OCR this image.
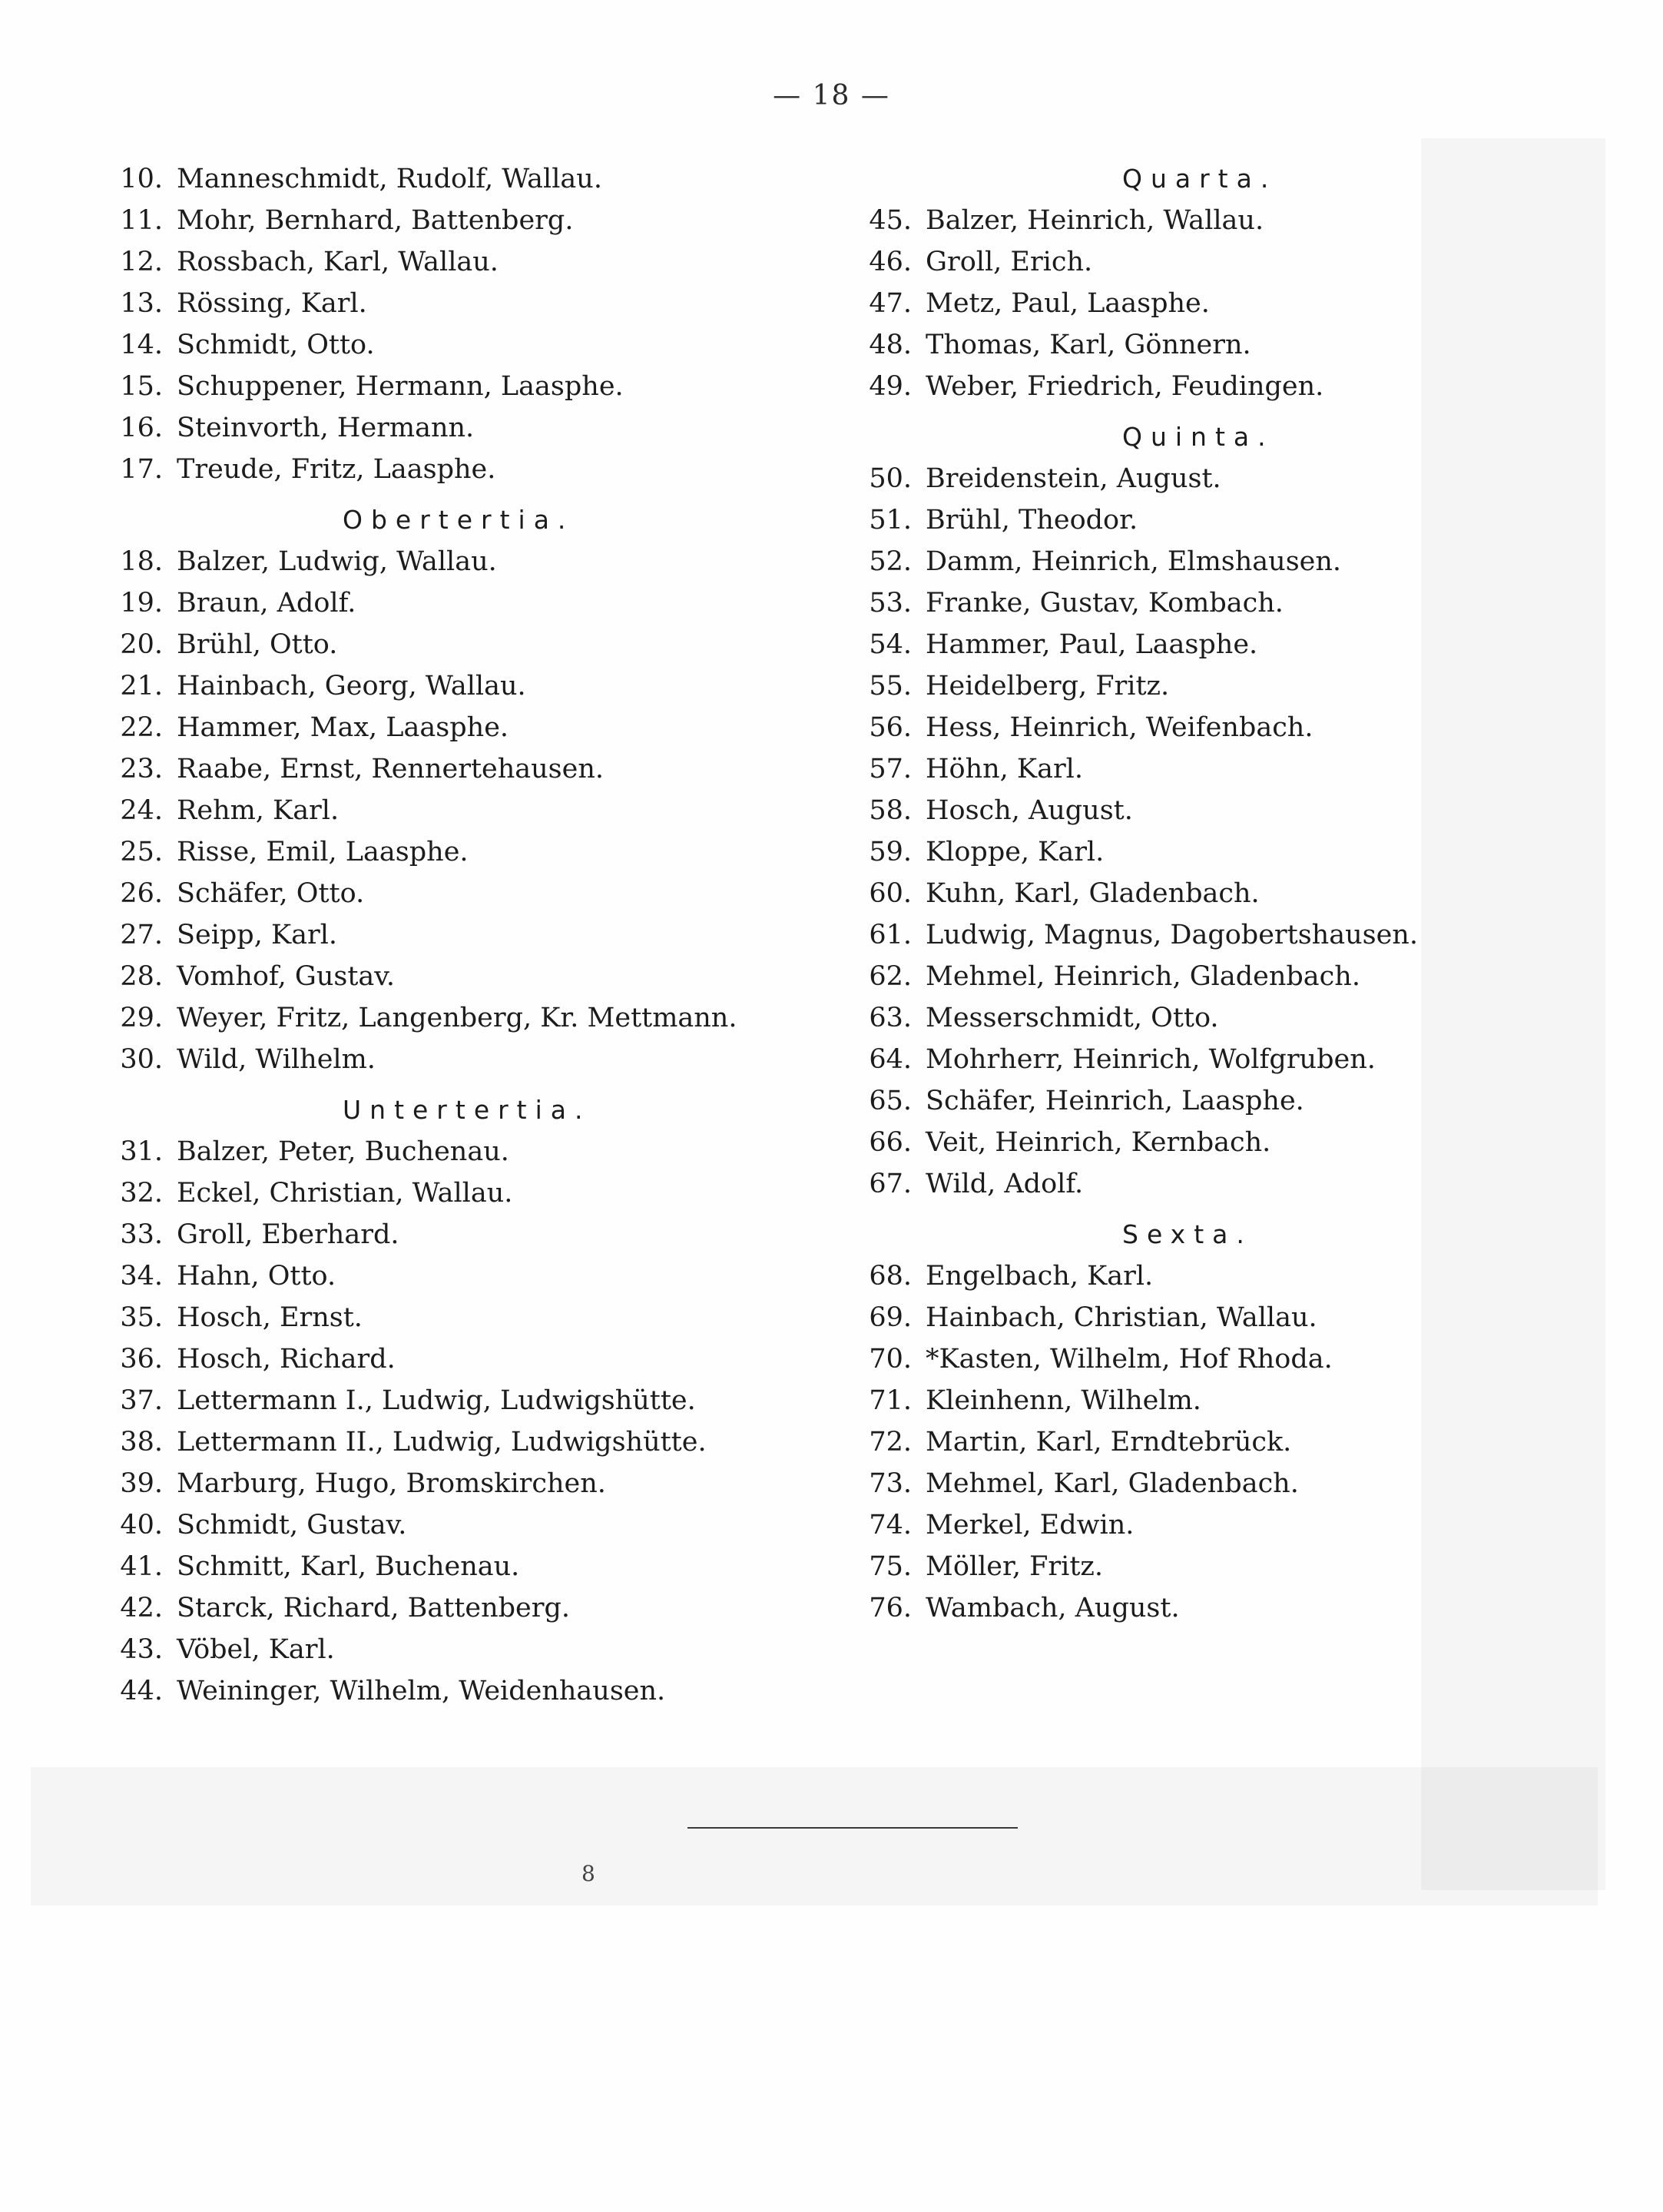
— 18 —
10. Manneschmidt, Rudolf, Wallau.
11. Mohr, Bernhard, Battenberg.
12. Rossbach, Karl, Wallau.
13. Rössing, Karl.
14. Schmidt, Otto.
15. Schuppener, Hermann, Laasphe.
16. Steinvorth, Hermann.
17. Treude, Fritz, Laasphe.
Obertertia.
18. Balzer, Ludwig, Wallau.
19. Braun, Adolf.
20. Brühl, Otto.
21. Hainbach, Georg, Wallau.
22. Hammer, Max, Laasphe.
23. Raabe, Ernst, Rennertehausen.
24. Rehm, Karl.
25. Risse, Emil, Laasphe.
26. Schäfer, Otto.
27. Seipp, Karl.
28. Vomhof, Gustav.
29. Weyer, Fritz, Langenberg, Kr. Mettmann.
30. Wild, Wilhelm.
Untertertia.
31. Balzer, Peter, Buchenau.
32. Eckel, Christian, Wallau.
33. Groll, Eberhard.
34. Hahn, Otto.
35. Hosch, Ernst.
36. Hosch, Richard.
37. Lettermann I., Ludwig, Ludwigshütte.
38. Lettermann II., Ludwig, Ludwigshütte.
39. Marburg, Hugo, Bromskirchen.
40. Schmidt, Gustav.
41. Schmitt, Karl, Buchenau.
42. Starck, Richard, Battenberg.
43. Vöbel, Karl.
44. Weininger, Wilhelm, Weidenhausen.
Quarta.
45. Balzer, Heinrich, Wallau.
46. Groll, Erich.
47. Metz, Paul, Laasphe.
48. Thomas, Karl, Gönnern.
49. Weber, Friedrich, Feudingen.
Quinta.
50. Breidenstein, August.
51. Brühl, Theodor.
52. Damm, Heinrich, Elmshausen.
53. Franke, Gustav, Kombach.
54. Hammer, Paul, Laasphe.
55. Heidelberg, Fritz.
56. Hess, Heinrich, Weifenbach.
57. Höhn, Karl.
58. Hosch, August.
59. Kloppe, Karl.
60. Kuhn, Karl, Gladenbach.
61. Ludwig, Magnus, Dagobertshausen.
62. Mehmel, Heinrich, Gladenbach.
63. Messerschmidt, Otto.
64. Mohrherr, Heinrich, Wolfgruben.
65. Schäfer, Heinrich, Laasphe.
66. Veit, Heinrich, Kernbach.
67. Wild, Adolf.
Sexta.
68. Engelbach, Karl.
69. Hainbach, Christian, Wallau.
70. *Kasten, Wilhelm, Hof Rhoda.
71. Kleinhenn, Wilhelm.
72. Martin, Karl, Erndtebrück.
73. Mehmel, Karl, Gladenbach.
74. Merkel, Edwin.
75. Möller, Fritz.
76. Wambach, August.
8
